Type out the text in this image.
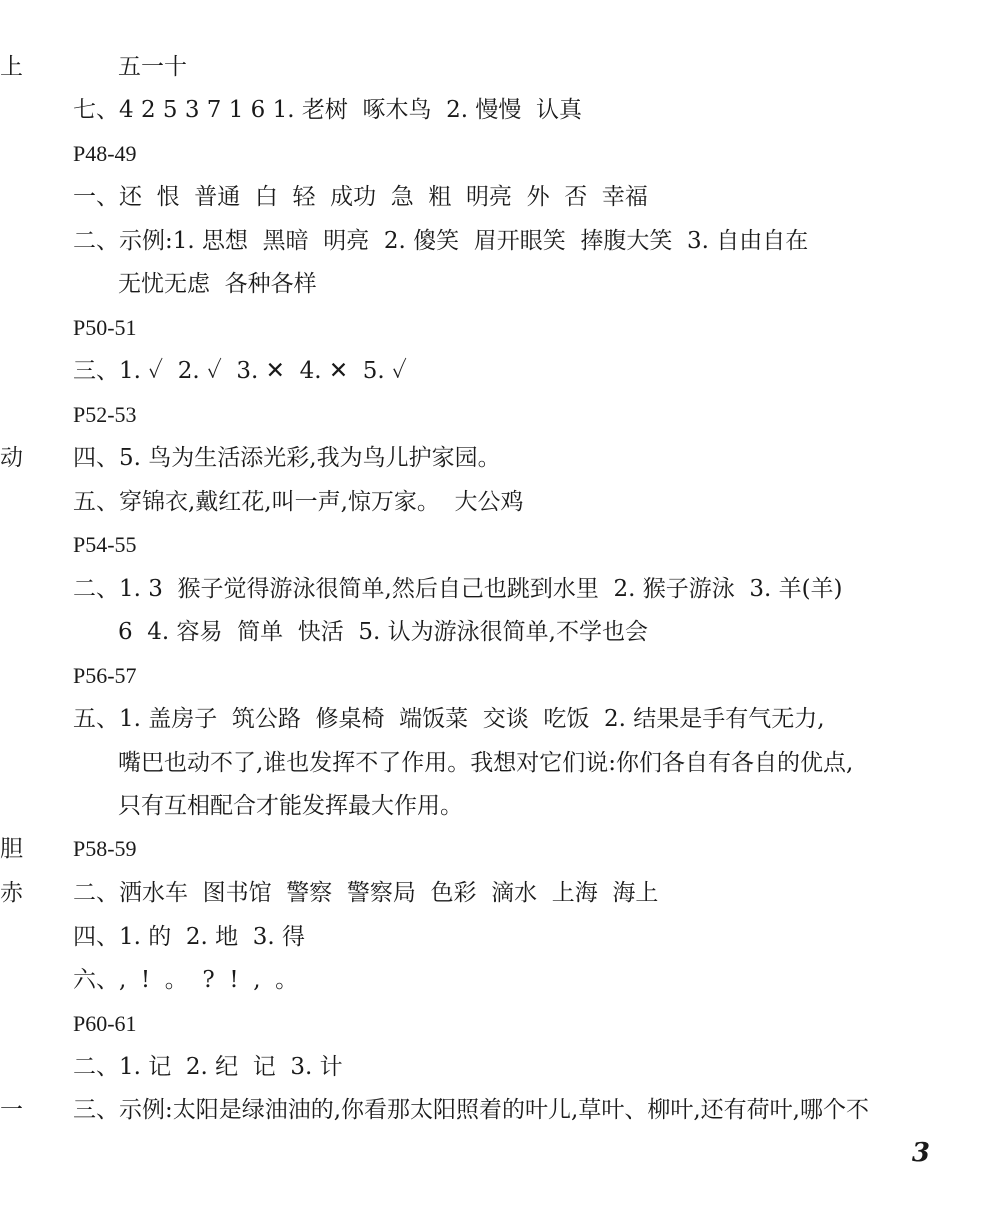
上
动
胆
赤
一
五一十
七、4 2 5 3 7 1 6 1. 老树  啄木鸟  2. 慢慢  认真
P48-49
一、还  恨  普通  白  轻  成功  急  粗  明亮  外  否  幸福
二、示例:1. 思想  黑暗  明亮  2. 傻笑  眉开眼笑  捧腹大笑  3. 自由自在
无忧无虑  各种各样
P50-51
三、1. ✓  2. ✓  3. ✕  4. ✕  5. ✓
P52-53
四、5. 鸟为生活添光彩,我为鸟儿护家园。
五、穿锦衣,戴红花,叫一声,惊万家。  大公鸡
P54-55
二、1. 3  猴子觉得游泳很简单,然后自己也跳到水里  2. 猴子游泳  3. 羊(羊)
6  4. 容易  简单  快活  5. 认为游泳很简单,不学也会
P56-57
五、1. 盖房子  筑公路  修桌椅  端饭菜  交谈  吃饭  2. 结果是手有气无力,
嘴巴也动不了,谁也发挥不了作用。我想对它们说:你们各自有各自的优点,
只有互相配合才能发挥最大作用。
P58-59
二、洒水车  图书馆  警察  警察局  色彩  滴水  上海  海上
四、1. 的  2. 地  3. 得
六、,  !  。  ?  !  ,  。
P60-61
二、1. 记  2. 纪  记  3. 计
三、示例:太阳是绿油油的,你看那太阳照着的叶儿,草叶、柳叶,还有荷叶,哪个不
3
